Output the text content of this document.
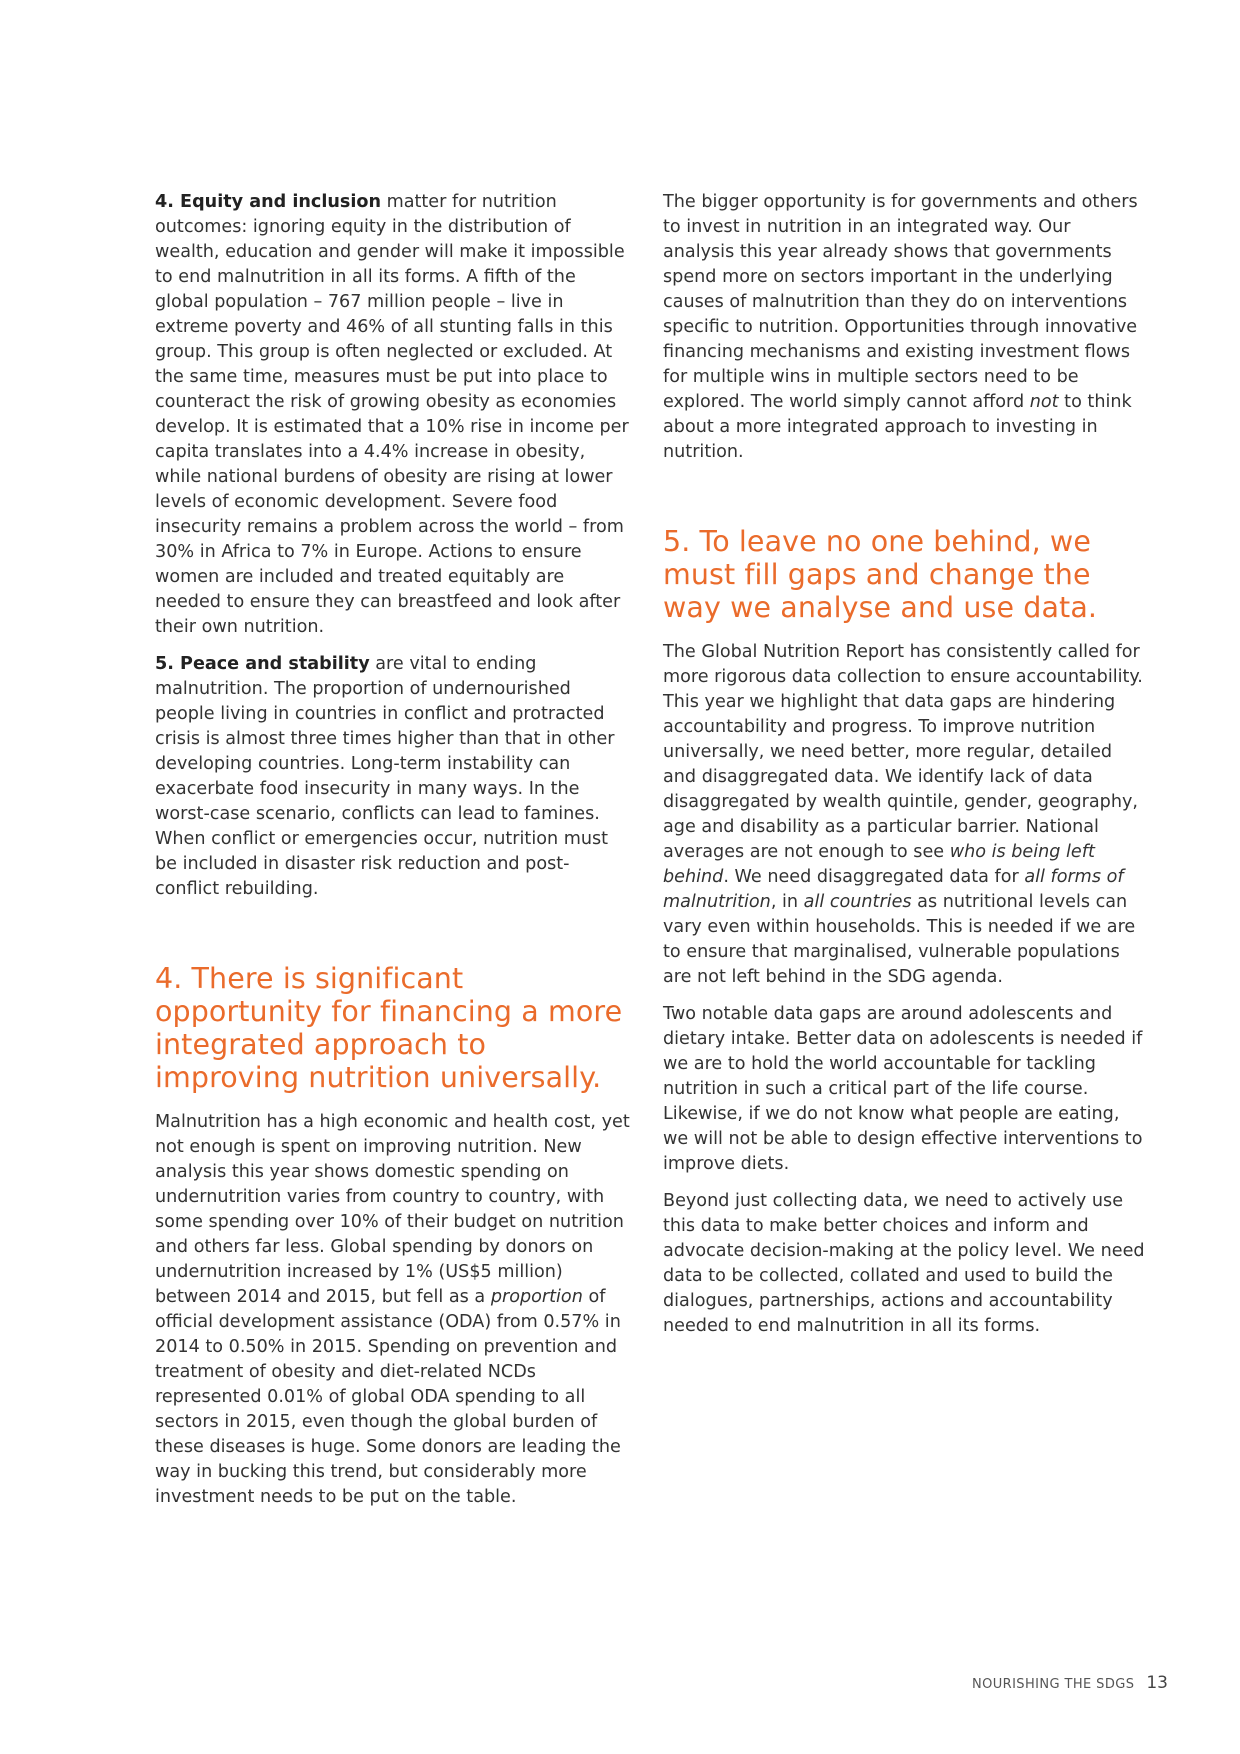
4. Equity and inclusion matter for nutrition outcomes: ignoring equity in the distribution of wealth, education and gender will make it impossible to end malnutrition in all its forms. A fifth of the global population – 767 million people – live in extreme poverty and 46% of all stunting falls in this group. This group is often neglected or excluded. At the same time, measures must be put into place to counteract the risk of growing obesity as economies develop. It is estimated that a 10% rise in income per capita translates into a 4.4% increase in obesity, while national burdens of obesity are rising at lower levels of economic development. Severe food insecurity remains a problem across the world – from 30% in Africa to 7% in Europe. Actions to ensure women are included and treated equitably are needed to ensure they can breastfeed and look after their own nutrition.

5. Peace and stability are vital to ending malnutrition. The proportion of undernourished people living in countries in conflict and protracted crisis is almost three times higher than that in other developing countries. Long-term instability can exacerbate food insecurity in many ways. In the worst-case scenario, conflicts can lead to famines. When conflict or emergencies occur, nutrition must be included in disaster risk reduction and post-conflict rebuilding.

4. There is significant opportunity for financing a more integrated approach to improving nutrition universally.

Malnutrition has a high economic and health cost, yet not enough is spent on improving nutrition. New analysis this year shows domestic spending on undernutrition varies from country to country, with some spending over 10% of their budget on nutrition and others far less. Global spending by donors on undernutrition increased by 1% (US$5 million) between 2014 and 2015, but fell as a proportion of official development assistance (ODA) from 0.57% in 2014 to 0.50% in 2015. Spending on prevention and treatment of obesity and diet-related NCDs represented 0.01% of global ODA spending to all sectors in 2015, even though the global burden of these diseases is huge. Some donors are leading the way in bucking this trend, but considerably more investment needs to be put on the table.

The bigger opportunity is for governments and others to invest in nutrition in an integrated way. Our analysis this year already shows that governments spend more on sectors important in the underlying causes of malnutrition than they do on interventions specific to nutrition. Opportunities through innovative financing mechanisms and existing investment flows for multiple wins in multiple sectors need to be explored. The world simply cannot afford not to think about a more integrated approach to investing in nutrition.

5. To leave no one behind, we must fill gaps and change the way we analyse and use data.

The Global Nutrition Report has consistently called for more rigorous data collection to ensure accountability. This year we highlight that data gaps are hindering accountability and progress. To improve nutrition universally, we need better, more regular, detailed and disaggregated data. We identify lack of data disaggregated by wealth quintile, gender, geography, age and disability as a particular barrier. National averages are not enough to see who is being left behind. We need disaggregated data for all forms of malnutrition, in all countries as nutritional levels can vary even within households. This is needed if we are to ensure that marginalised, vulnerable populations are not left behind in the SDG agenda.

Two notable data gaps are around adolescents and dietary intake. Better data on adolescents is needed if we are to hold the world accountable for tackling nutrition in such a critical part of the life course. Likewise, if we do not know what people are eating, we will not be able to design effective interventions to improve diets.

Beyond just collecting data, we need to actively use this data to make better choices and inform and advocate decision-making at the policy level. We need data to be collected, collated and used to build the dialogues, partnerships, actions and accountability needed to end malnutrition in all its forms.

NOURISHING THE SDGS 13
